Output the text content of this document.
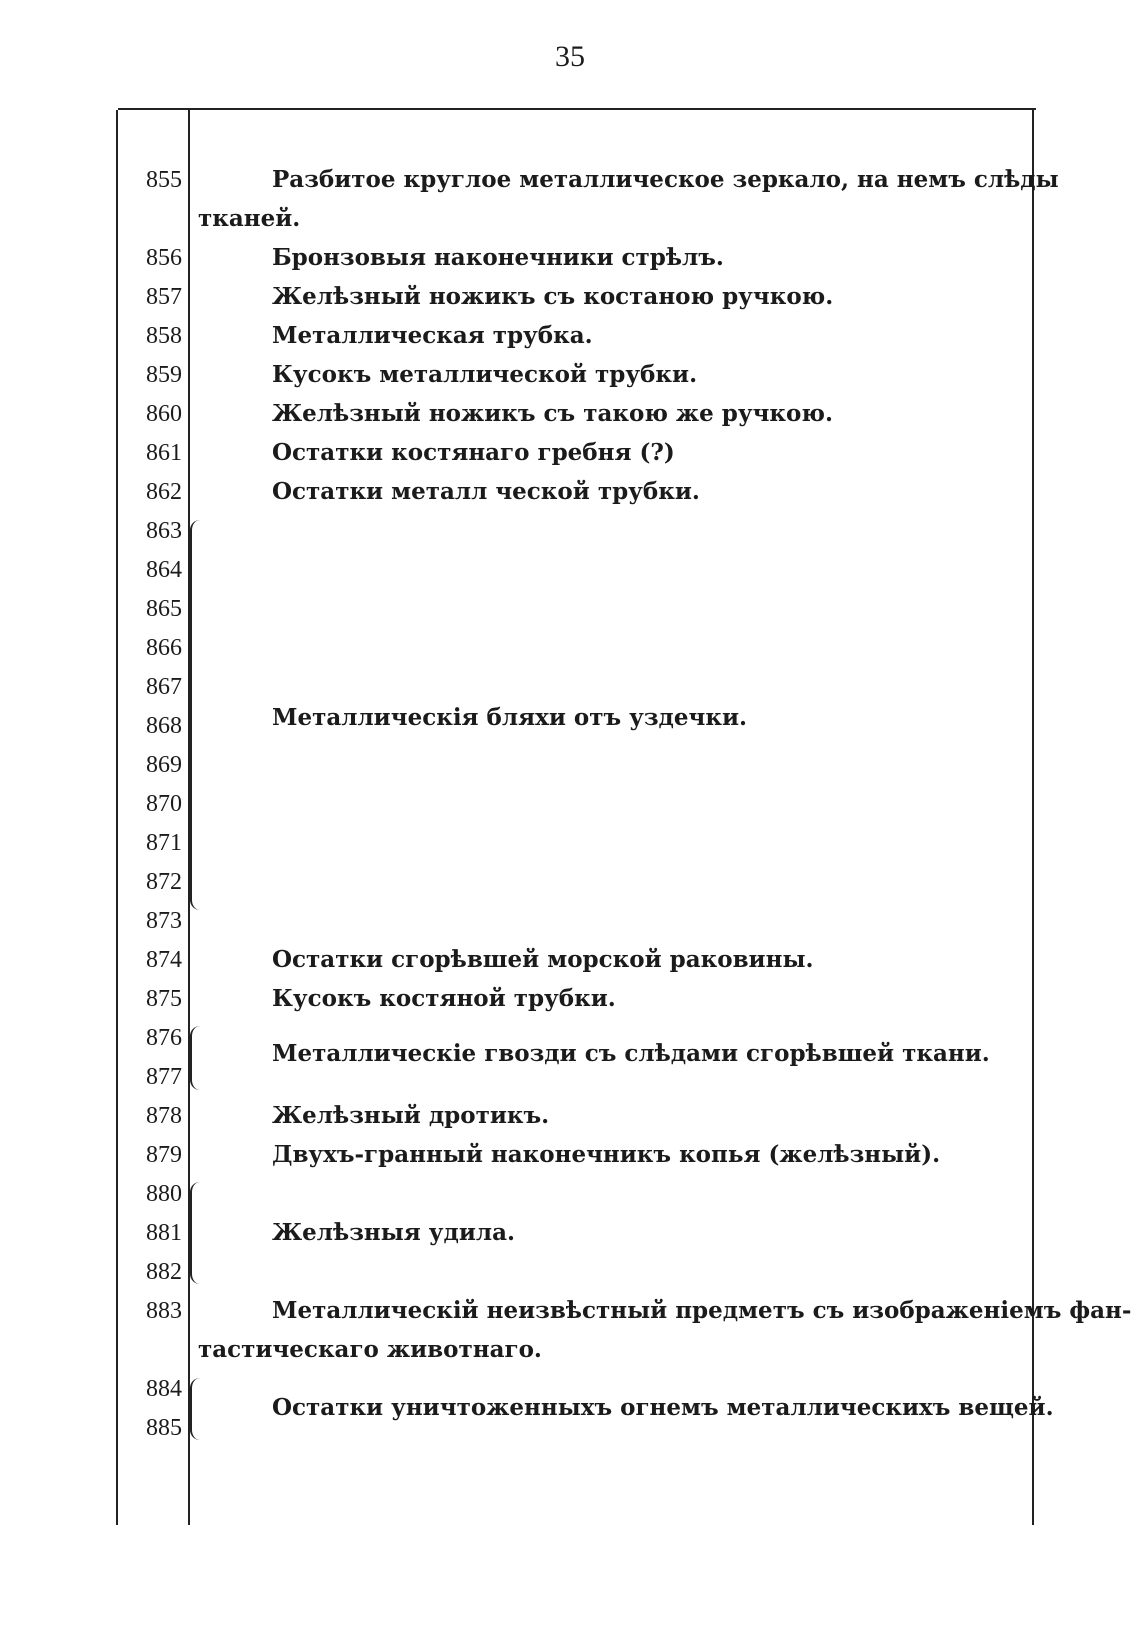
35
855
856
857
858
859
860
861
862
863
864
865
866
867
868
869
870
871
872
873
874
875
876
877
878
879
880
881
882
883
884
885
Разбитое круглое металлическое зеркало, на немъ слѣды
тканей.
Бронзовыя наконечники стрѣлъ.
Желѣзный ножикъ съ костаною ручкою.
Металлическая трубка.
Кусокъ металлической трубки.
Желѣзный ножикъ съ такою же ручкою.
Остатки костянаго гребня (?)
Остатки металл ческой трубки.
Металлическія бляхи отъ уздечки.
Остатки сгорѣвшей морской раковины.
Кусокъ костяной трубки.
Металлическіе гвозди съ слѣдами сгорѣвшей ткани.
Желѣзный дротикъ.
Двухъ-гранный наконечникъ копья (желѣзный).
Желѣзныя удила.
Металлическій неизвѣстный предметъ съ изображеніемъ фан-
тастическаго животнаго.
Остатки уничтоженныхъ огнемъ металлическихъ вещей.
